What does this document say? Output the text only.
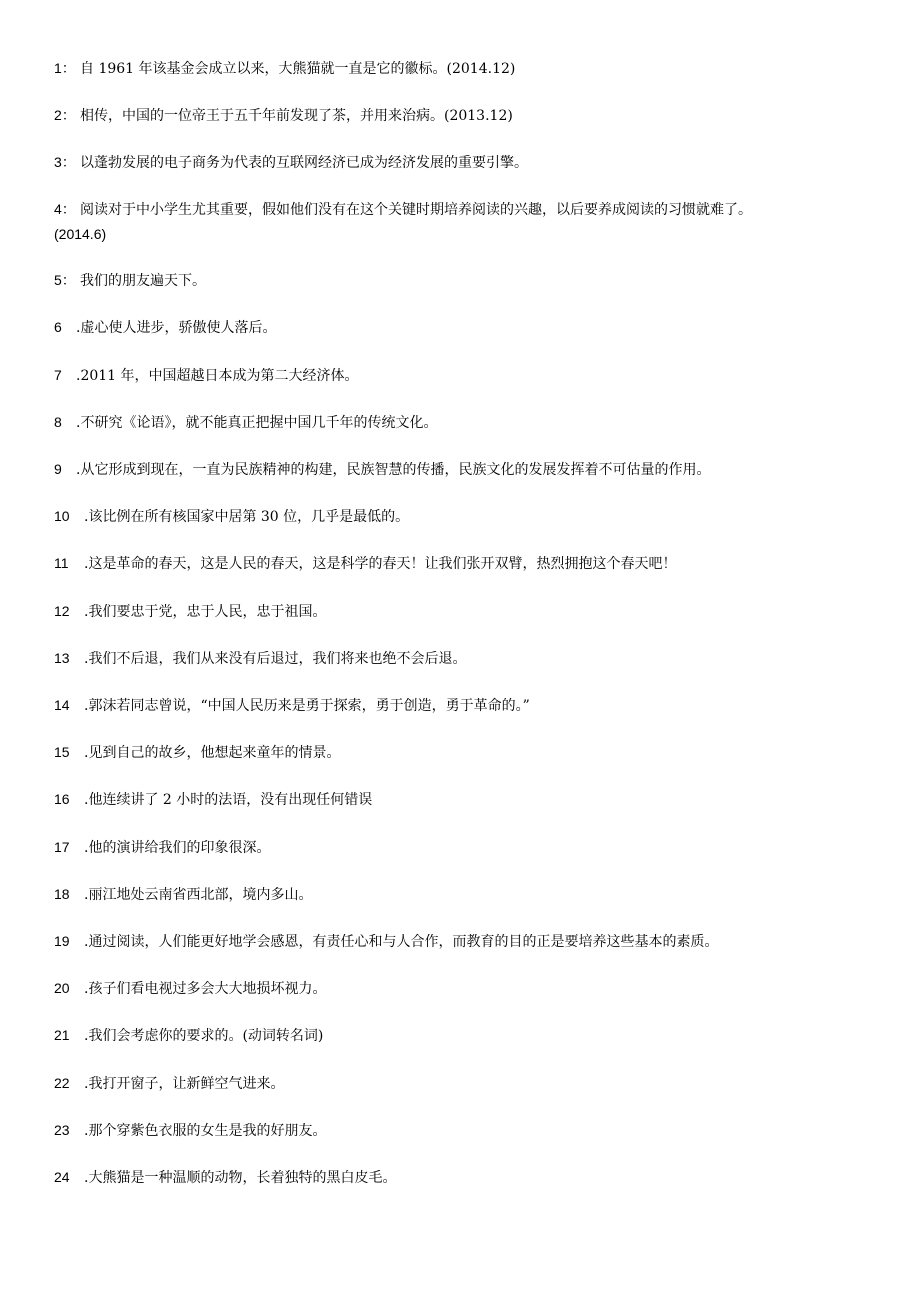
1： 自 1961 年该基金会成立以来，大熊猫就一直是它的徽标。(2014.12)
2： 相传，中国的一位帝王于五千年前发现了茶，并用来治病。(2013.12)
3： 以蓬勃发展的电子商务为代表的互联网经济已成为经济发展的重要引擎。
4： 阅读对于中小学生尤其重要，假如他们没有在这个关键时期培养阅读的兴趣，以后要养成阅读的习惯就难了。
(2014.6)
5： 我们的朋友遍天下。
6 .虚心使人进步，骄傲使人落后。
7 .2011 年，中国超越日本成为第二大经济体。
8 .不研究《论语》，就不能真正把握中国几千年的传统文化。
9 .从它形成到现在，一直为民族精神的构建，民族智慧的传播，民族文化的发展发挥着不可估量的作用。
10 .该比例在所有核国家中居第 30 位，几乎是最低的。
11 .这是革命的春天，这是人民的春天，这是科学的春天！让我们张开双臂，热烈拥抱这个春天吧！
12 .我们要忠于党，忠于人民，忠于祖国。
13 .我们不后退，我们从来没有后退过，我们将来也绝不会后退。
14 .郭沫若同志曾说，“中国人民历来是勇于探索，勇于创造，勇于革命的。”
15 .见到自己的故乡，他想起来童年的情景。
16 .他连续讲了 2 小时的法语，没有出现任何错误
17 .他的演讲给我们的印象很深。
18 .丽江地处云南省西北部，境内多山。
19 .通过阅读，人们能更好地学会感恩，有责任心和与人合作，而教育的目的正是要培养这些基本的素质。
20 .孩子们看电视过多会大大地损坏视力。
21 .我们会考虑你的要求的。(动词转名词)
22 .我打开窗子，让新鲜空气进来。
23 .那个穿紫色衣服的女生是我的好朋友。
24 .大熊猫是一种温顺的动物，长着独特的黑白皮毛。
